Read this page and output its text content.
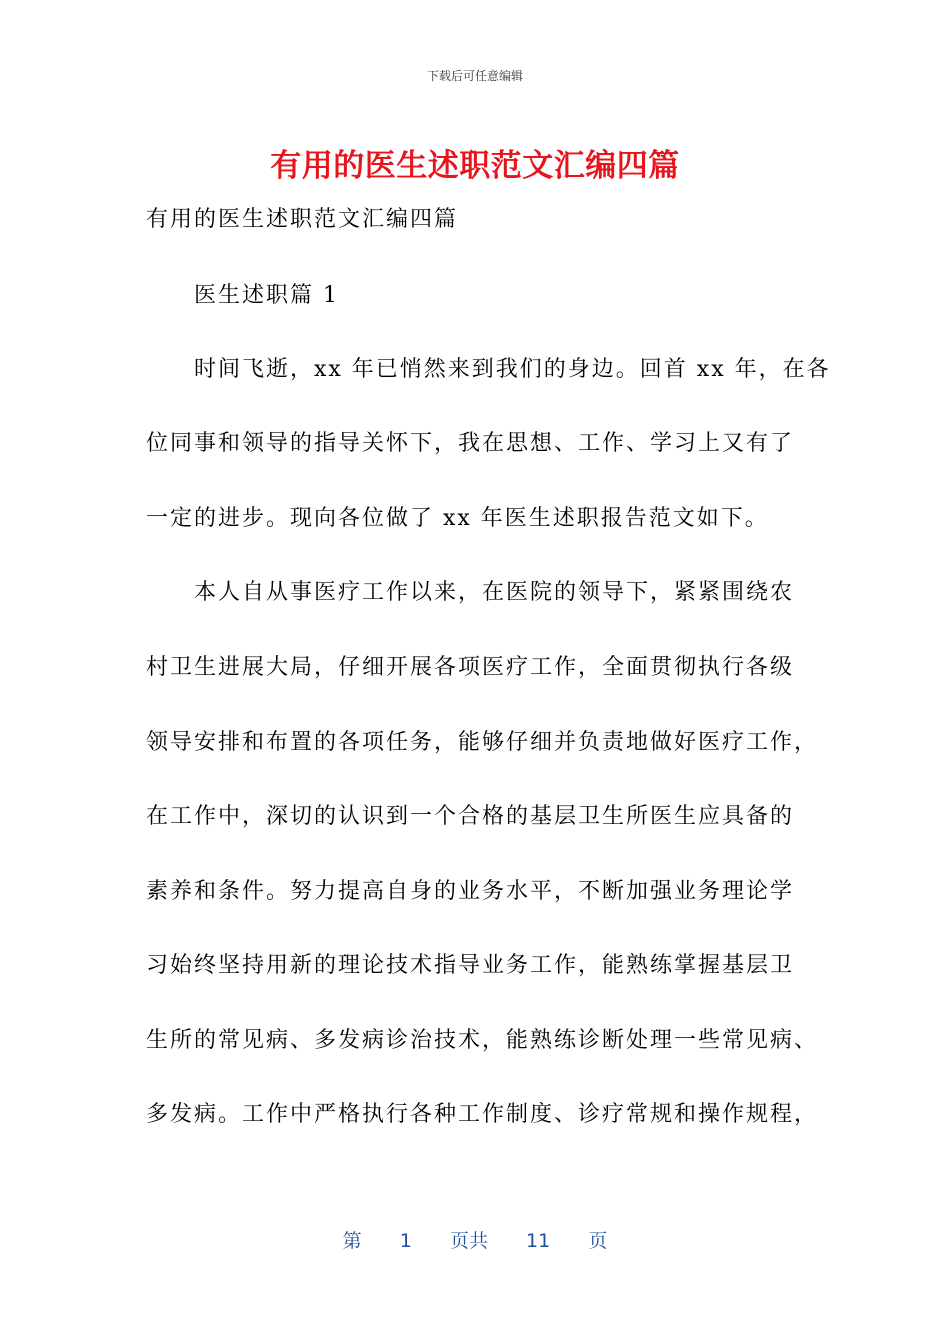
下载后可任意编辑
有用的医生述职范文汇编四篇
有用的医生述职范文汇编四篇
医生述职篇 1
时间飞逝，xx 年已悄然来到我们的身边。回首 xx 年，在各
位同事和领导的指导关怀下，我在思想、工作、学习上又有了
一定的进步。现向各位做了 xx 年医生述职报告范文如下。
本人自从事医疗工作以来，在医院的领导下，紧紧围绕农
村卫生进展大局，仔细开展各项医疗工作，全面贯彻执行各级
领导安排和布置的各项任务，能够仔细并负责地做好医疗工作，
在工作中，深切的认识到一个合格的基层卫生所医生应具备的
素养和条件。努力提高自身的业务水平，不断加强业务理论学
习始终坚持用新的理论技术指导业务工作，能熟练掌握基层卫
生所的常见病、多发病诊治技术，能熟练诊断处理一些常见病、
多发病。工作中严格执行各种工作制度、诊疗常规和操作规程，
第 1 页共 11 页
